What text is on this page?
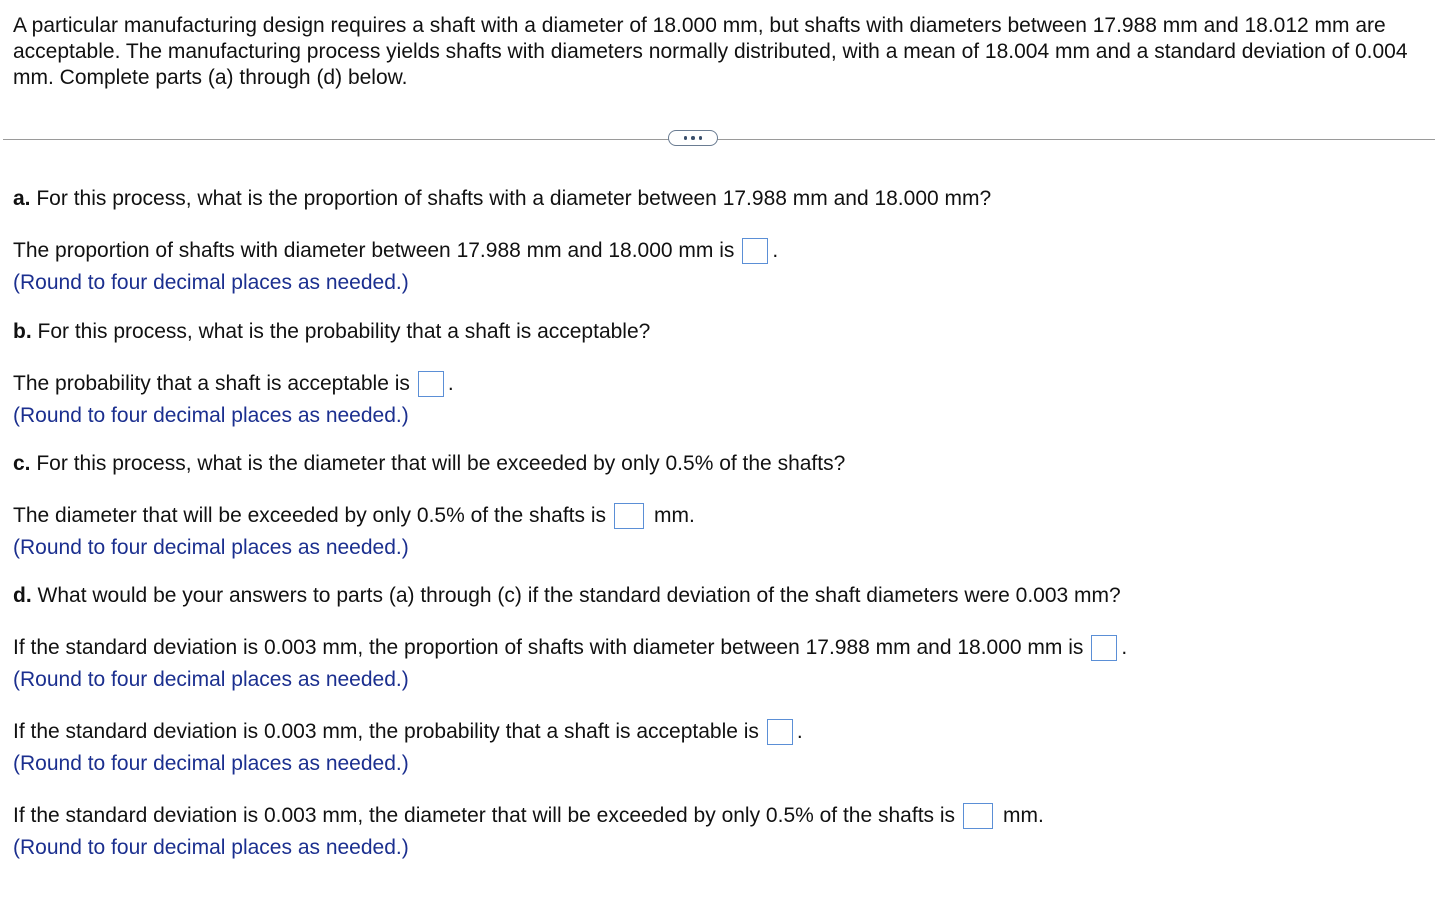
A particular manufacturing design requires a shaft with a diameter of 18.000 mm, but shafts with diameters between 17.988 mm and 18.012 mm are acceptable. The manufacturing process yields shafts with diameters normally distributed, with a mean of 18.004 mm and a standard deviation of 0.004 mm. Complete parts (a) through (d) below.

a.
For this process, what is the proportion of shafts with a diameter between 17.988 mm and 18.000 mm?
The proportion of shafts with diameter between 17.988 mm and 18.000 mm is .
(Round to four decimal places as needed.)
b.
For this process, what is the probability that a shaft is acceptable?
The probability that a shaft is acceptable is .
(Round to four decimal places as needed.)
c.
For this process, what is the diameter that will be exceeded by only 0.5% of the shafts?
The diameter that will be exceeded by only 0.5% of the shafts is mm.
(Round to four decimal places as needed.)
d.
What would be your answers to parts (a) through (c) if the standard deviation of the shaft diameters were 0.003 mm?
If the standard deviation is 0.003 mm, the proportion of shafts with diameter between 17.988 mm and 18.000 mm is .
(Round to four decimal places as needed.)
If the standard deviation is 0.003 mm, the probability that a shaft is acceptable is .
(Round to four decimal places as needed.)
If the standard deviation is 0.003 mm, the diameter that will be exceeded by only 0.5% of the shafts is mm.
(Round to four decimal places as needed.)
